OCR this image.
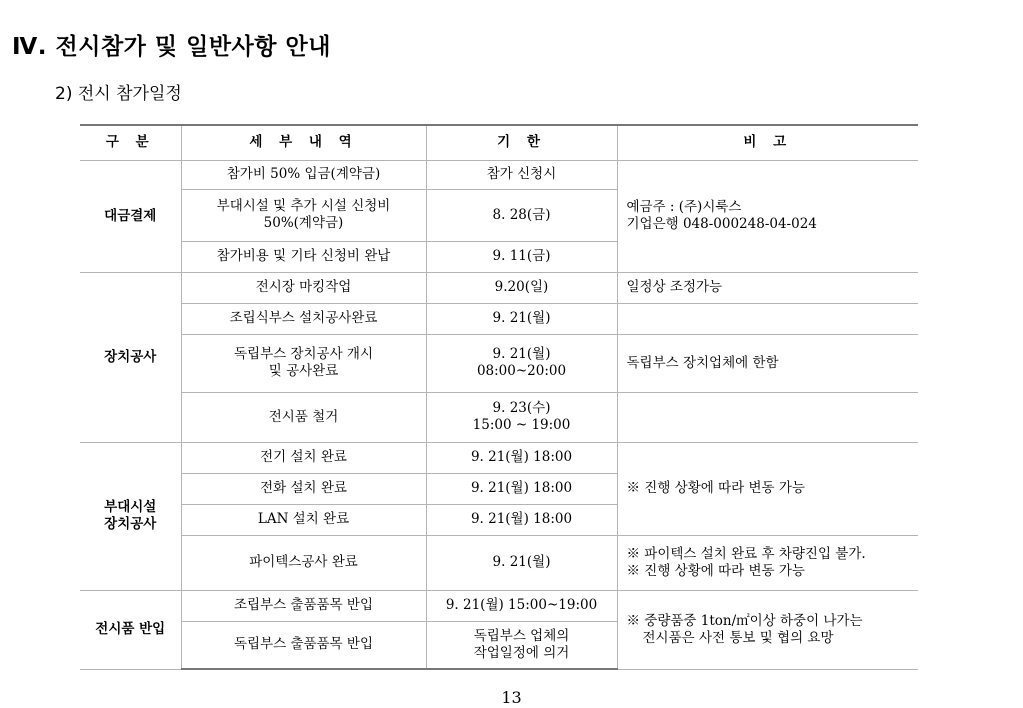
Ⅳ. 전시참가 및 일반사항 안내
2) 전시 참가일정
구 분	세 부 내 역	기 한	비 고
대금결제	참가비 50% 입금(계약금)	참가 신청시	예금주 : (주)시룩스
기업은행 048-000248-04-024

	부대시설 및 추가 시설 신청비
50%(계약금)	8. 28(금)	
	참가비용 및 기타 신청비 완납	9. 11(금)	
장치공사	전시장 마킹작업	9.20(일)	일정상 조정가능
	조립식부스 설치공사완료	9. 21(월)	

	독립부스 장치공사 개시
및 공사완료	9. 21(월)
08:00~20:00	독립부스 장치업체에 한함
	전시품 철거	9. 23(수)
15:00 ~ 19:00	

부대시설
장치공사	전기 설치 완료	9. 21(월) 18:00	※ 진행 상황에 따라 변동 가능
	전화 설치 완료	9. 21(월) 18:00	
	LAN 설치 완료	9. 21(월) 18:00	
	파이텍스공사 완료	9. 21(월)	※ 파이텍스 설치 완료 후 차량진입 불가.
※ 진행 상황에 따라 변동 가능

전시품 반입	조립부스 출품품목 반입	9. 21(월) 15:00~19:00	※ 중량품중 1ton/㎡이상 하중이 나가는
전시품은 사전 통보 및 협의 요망

	독립부스 출품품목 반입	독립부스 업체의
작업일정에 의거	
13
